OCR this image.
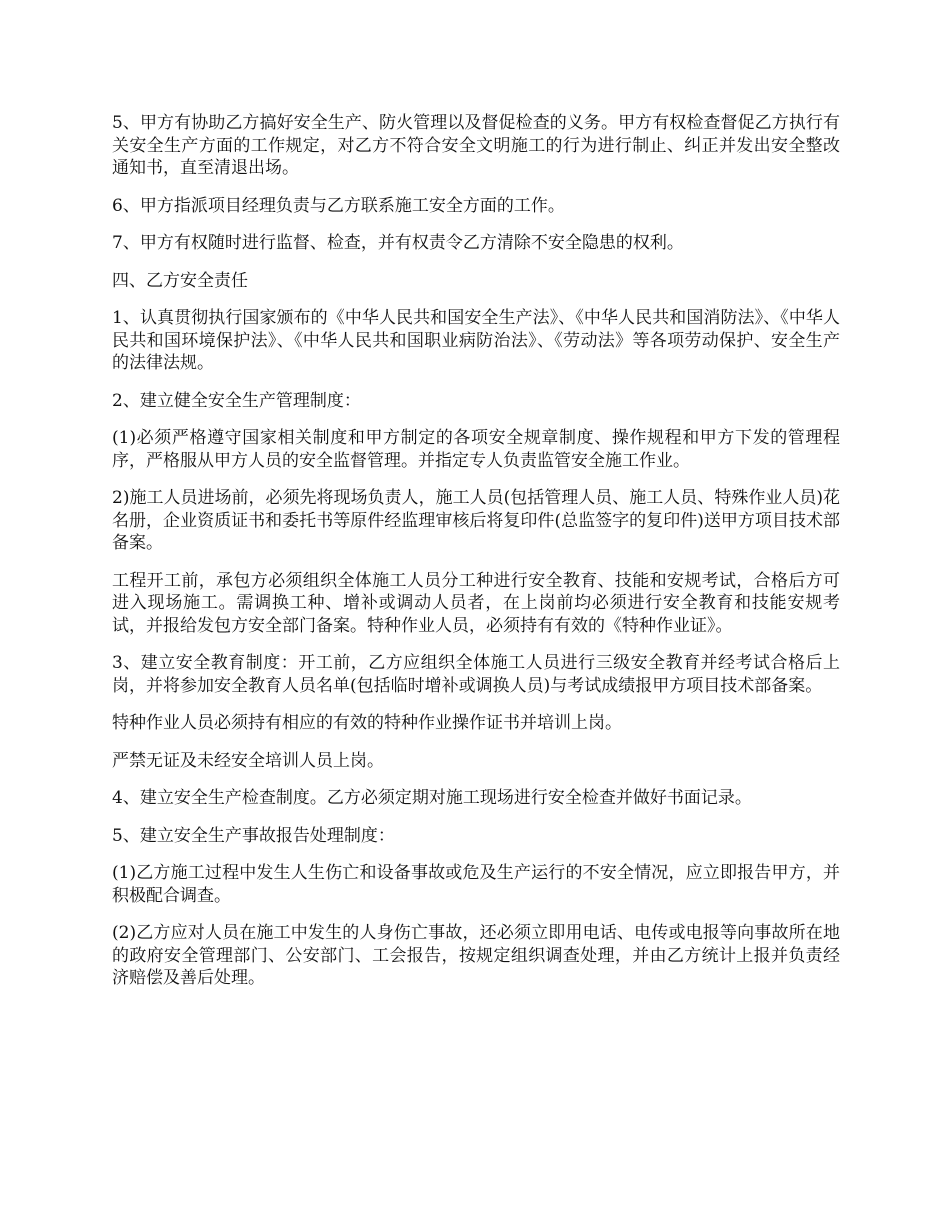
5、甲方有协助乙方搞好安全生产、防火管理以及督促检查的义务。甲方有权检查督促乙方执行有关安全生产方面的工作规定，对乙方不符合安全文明施工的行为进行制止、纠正并发出安全整改通知书，直至清退出场。

6、甲方指派项目经理负责与乙方联系施工安全方面的工作。

7、甲方有权随时进行监督、检查，并有权责令乙方清除不安全隐患的权利。

四、乙方安全责任

1、认真贯彻执行国家颁布的《中华人民共和国安全生产法》、《中华人民共和国消防法》、《中华人民共和国环境保护法》、《中华人民共和国职业病防治法》、《劳动法》等各项劳动保护、安全生产的法律法规。

2、建立健全安全生产管理制度：

(1)必须严格遵守国家相关制度和甲方制定的各项安全规章制度、操作规程和甲方下发的管理程序，严格服从甲方人员的安全监督管理。并指定专人负责监管安全施工作业。

2)施工人员进场前，必须先将现场负责人，施工人员(包括管理人员、施工人员、特殊作业人员)花名册，企业资质证书和委托书等原件经监理审核后将复印件(总监签字的复印件)送甲方项目技术部备案。

工程开工前，承包方必须组织全体施工人员分工种进行安全教育、技能和安规考试，合格后方可进入现场施工。需调换工种、增补或调动人员者，在上岗前均必须进行安全教育和技能安规考试，并报给发包方安全部门备案。特种作业人员，必须持有有效的《特种作业证》。

3、建立安全教育制度：开工前，乙方应组织全体施工人员进行三级安全教育并经考试合格后上岗，并将参加安全教育人员名单(包括临时增补或调换人员)与考试成绩报甲方项目技术部备案。

特种作业人员必须持有相应的有效的特种作业操作证书并培训上岗。

严禁无证及未经安全培训人员上岗。

4、建立安全生产检查制度。乙方必须定期对施工现场进行安全检查并做好书面记录。

5、建立安全生产事故报告处理制度：

(1)乙方施工过程中发生人生伤亡和设备事故或危及生产运行的不安全情况，应立即报告甲方，并积极配合调查。

(2)乙方应对人员在施工中发生的人身伤亡事故，还必须立即用电话、电传或电报等向事故所在地的政府安全管理部门、公安部门、工会报告，按规定组织调查处理，并由乙方统计上报并负责经济赔偿及善后处理。
